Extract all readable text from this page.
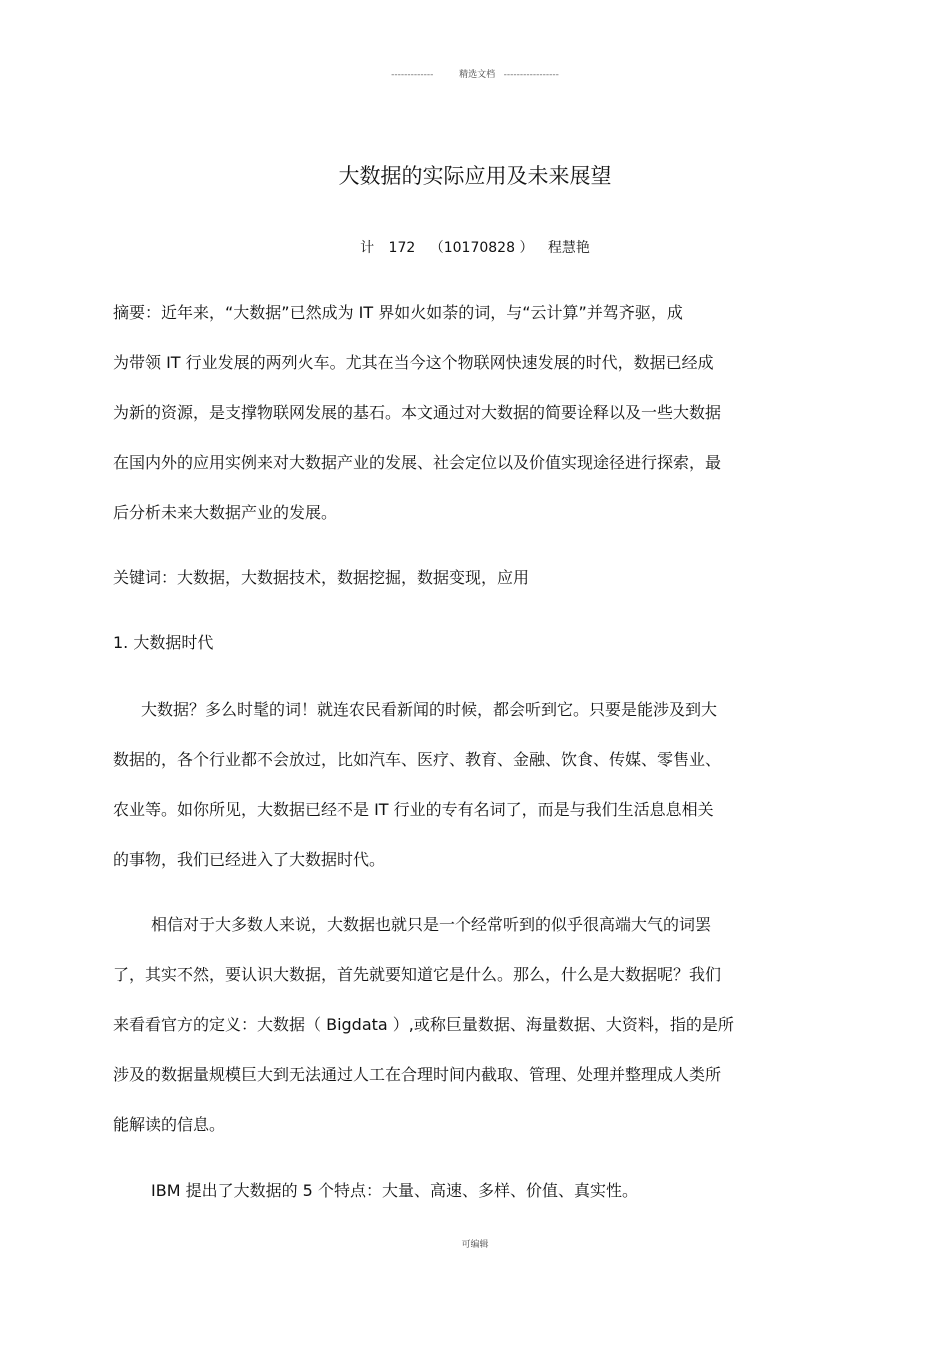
-------------	精选文档 -----------------
大数据的实际应用及未来展望
计 172 （10170828 ） 程慧艳
摘要：近年来，“大数据”已然成为 IT 界如火如荼的词，与“云计算”并驾齐驱，成
为带领 IT 行业发展的两列火车。尤其在当今这个物联网快速发展的时代，数据已经成
为新的资源，是支撑物联网发展的基石。本文通过对大数据的简要诠释以及一些大数据
在国内外的应用实例来对大数据产业的发展、社会定位以及价值实现途径进行探索，最
后分析未来大数据产业的发展。
关键词：大数据，大数据技术，数据挖掘，数据变现，应用
1. 大数据时代
大数据？多么时髦的词！就连农民看新闻的时候，都会听到它。只要是能涉及到大
数据的，各个行业都不会放过，比如汽车、医疗、教育、金融、饮食、传媒、零售业、
农业等。如你所见，大数据已经不是 IT 行业的专有名词了，而是与我们生活息息相关
的事物，我们已经进入了大数据时代。
相信对于大多数人来说，大数据也就只是一个经常听到的似乎很高端大气的词罢
了，其实不然，要认识大数据，首先就要知道它是什么。那么，什么是大数据呢？我们
来看看官方的定义：大数据（ Bigdata ）,或称巨量数据、海量数据、大资料，指的是所
涉及的数据量规模巨大到无法通过人工在合理时间内截取、管理、处理并整理成人类所
能解读的信息。
IBM 提出了大数据的 5 个特点：大量、高速、多样、价值、真实性。
可编辑
